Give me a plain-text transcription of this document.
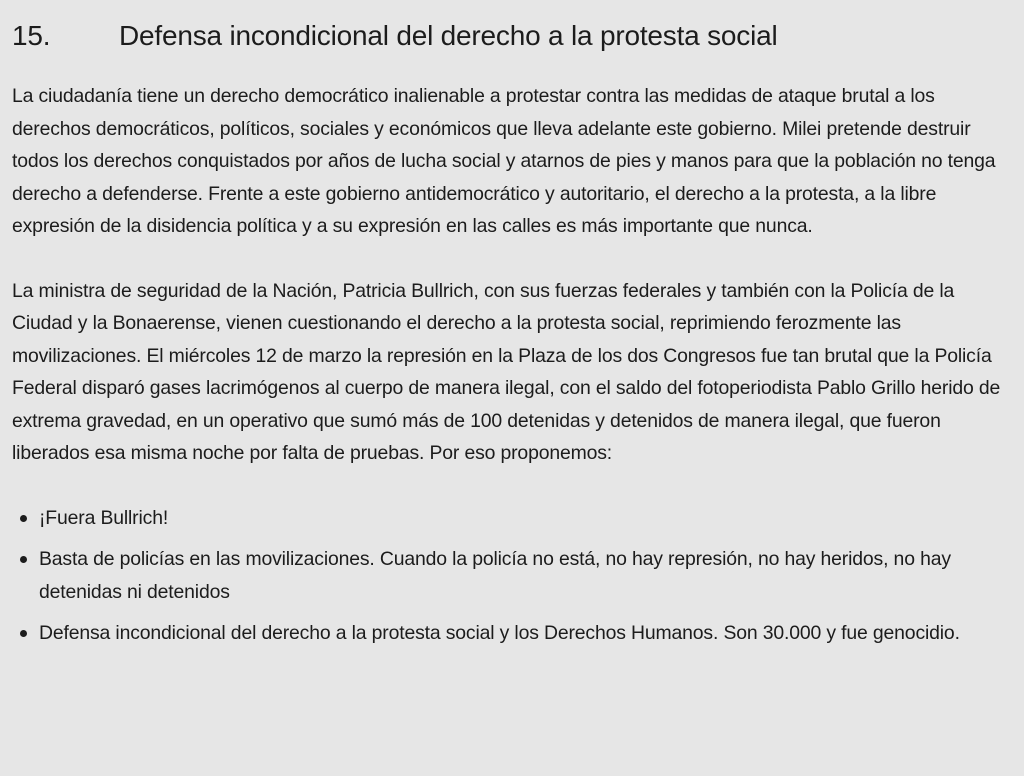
15.	Defensa incondicional del derecho a la protesta social

La ciudadanía tiene un derecho democrático inalienable a protestar contra las medidas de ataque brutal a los derechos democráticos, políticos, sociales y económicos que lleva adelante este gobierno. Milei pretende destruir todos los derechos conquistados por años de lucha social y atarnos de pies y manos para que la población no tenga derecho a defenderse. Frente a este gobierno antidemocrático y autoritario, el derecho a la protesta, a la libre expresión de la disidencia política y a su expresión en las calles es más importante que nunca.

La ministra de seguridad de la Nación, Patricia Bullrich, con sus fuerzas federales y también con la Policía de la Ciudad y la Bonaerense, vienen cuestionando el derecho a la protesta social, reprimiendo ferozmente las movilizaciones. El miércoles 12 de marzo la represión en la Plaza de los dos Congresos fue tan brutal que la Policía Federal disparó gases lacrimógenos al cuerpo de manera ilegal, con el saldo del fotoperiodista Pablo Grillo herido de extrema gravedad, en un operativo que sumó más de 100 detenidas y detenidos de manera ilegal, que fueron liberados esa misma noche por falta de pruebas. Por eso proponemos:

¡Fuera Bullrich!
Basta de policías en las movilizaciones. Cuando la policía no está, no hay represión, no hay heridos, no hay detenidas ni detenidos
Defensa incondicional del derecho a la protesta social y los Derechos Humanos. Son 30.000 y fue genocidio.
